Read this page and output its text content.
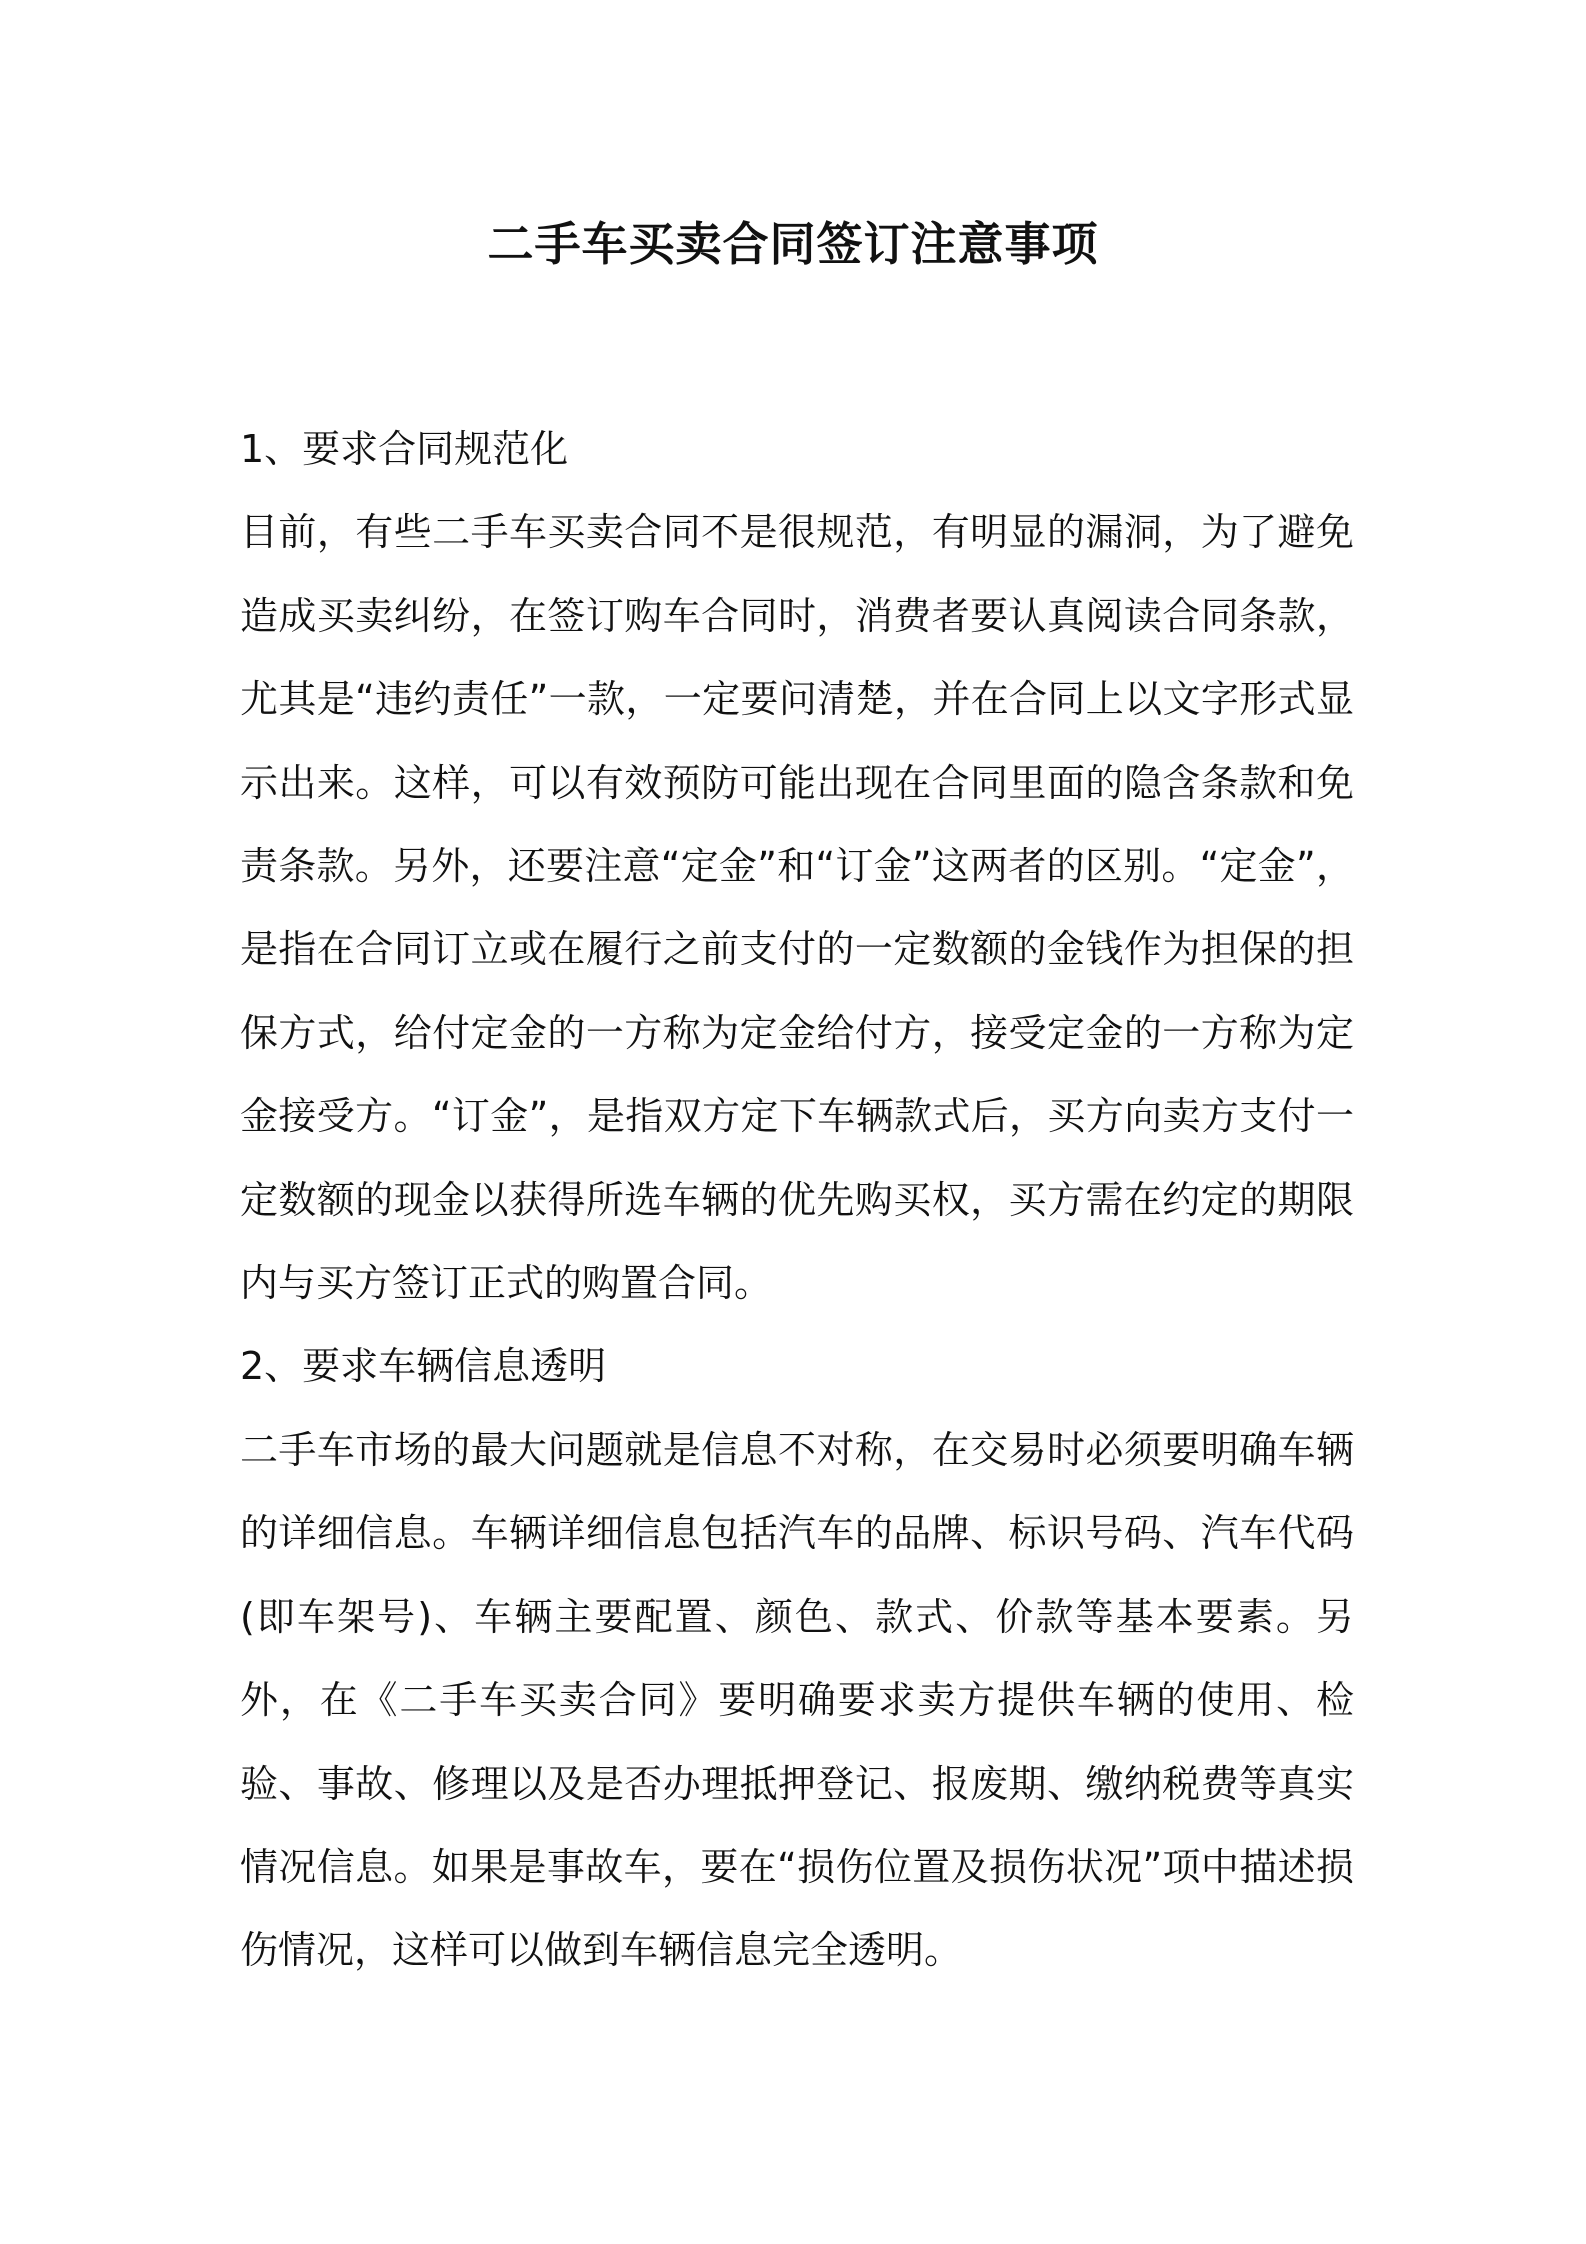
二手车买卖合同签订注意事项

1、要求合同规范化

目前，有些二手车买卖合同不是很规范，有明显的漏洞，为了避免造成买卖纠纷，在签订购车合同时，消费者要认真阅读合同条款，尤其是“违约责任”一款，一定要问清楚，并在合同上以文字形式显示出来。这样，可以有效预防可能出现在合同里面的隐含条款和免责条款。另外，还要注意“定金”和“订金”这两者的区别。“定金”，是指在合同订立或在履行之前支付的一定数额的金钱作为担保的担保方式，给付定金的一方称为定金给付方，接受定金的一方称为定金接受方。“订金”，是指双方定下车辆款式后，买方向卖方支付一定数额的现金以获得所选车辆的优先购买权，买方需在约定的期限内与买方签订正式的购置合同。

2、要求车辆信息透明

二手车市场的最大问题就是信息不对称，在交易时必须要明确车辆的详细信息。车辆详细信息包括汽车的品牌、标识号码、汽车代码(即车架号)、车辆主要配置、颜色、款式、价款等基本要素。另外，在《二手车买卖合同》要明确要求卖方提供车辆的使用、检验、事故、修理以及是否办理抵押登记、报废期、缴纳税费等真实情况信息。如果是事故车，要在“损伤位置及损伤状况”项中描述损伤情况，这样可以做到车辆信息完全透明。
